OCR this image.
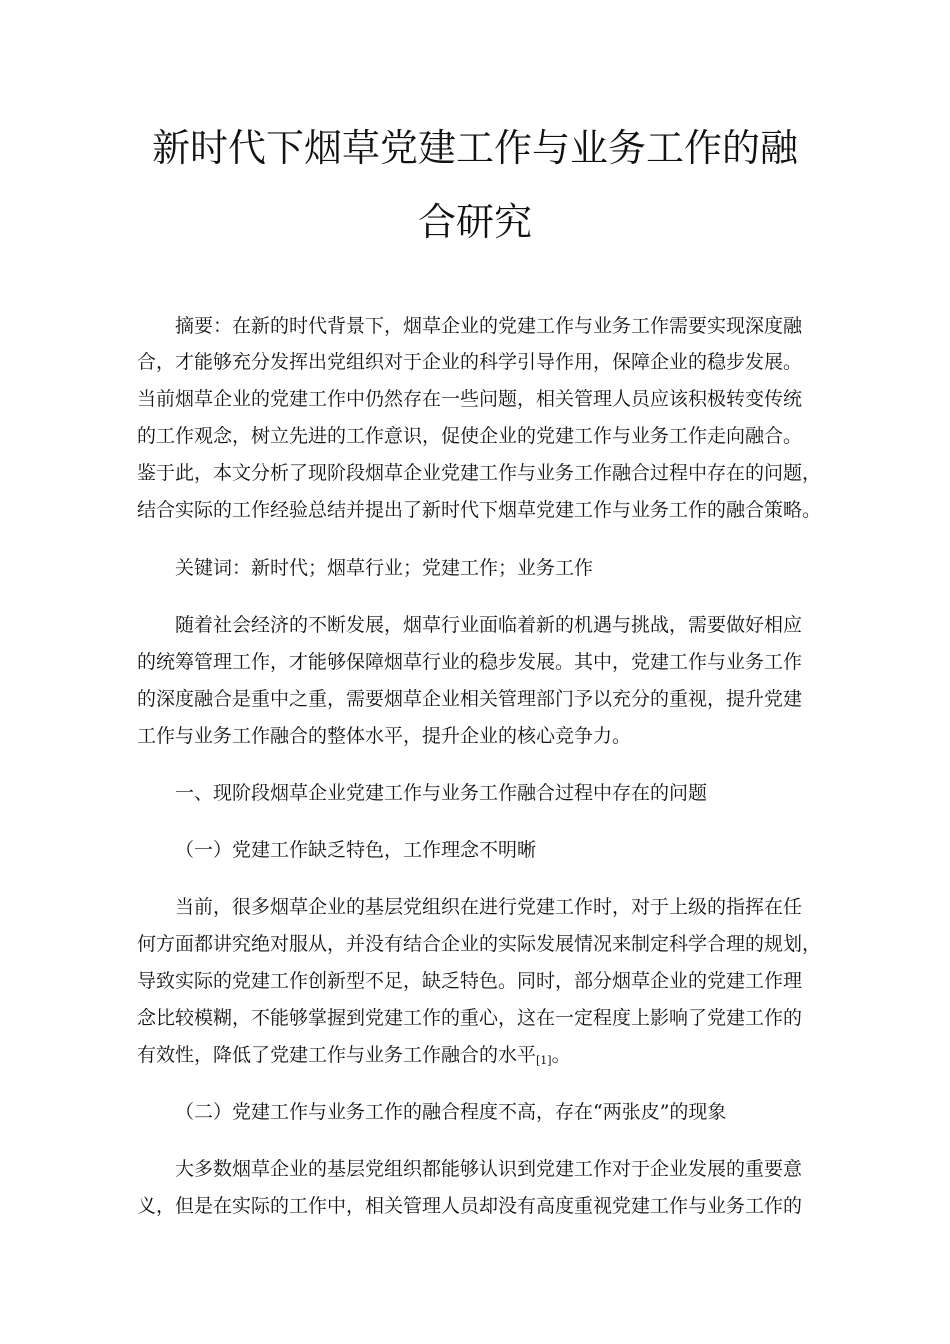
新时代下烟草党建工作与业务工作的融
合研究
摘要：在新的时代背景下，烟草企业的党建工作与业务工作需要实现深度融
合，才能够充分发挥出党组织对于企业的科学引导作用，保障企业的稳步发展。
当前烟草企业的党建工作中仍然存在一些问题，相关管理人员应该积极转变传统
的工作观念，树立先进的工作意识，促使企业的党建工作与业务工作走向融合。
鉴于此，本文分析了现阶段烟草企业党建工作与业务工作融合过程中存在的问题，
结合实际的工作经验总结并提出了新时代下烟草党建工作与业务工作的融合策略。
关键词：新时代；烟草行业；党建工作；业务工作
随着社会经济的不断发展，烟草行业面临着新的机遇与挑战，需要做好相应
的统筹管理工作，才能够保障烟草行业的稳步发展。其中，党建工作与业务工作
的深度融合是重中之重，需要烟草企业相关管理部门予以充分的重视，提升党建
工作与业务工作融合的整体水平，提升企业的核心竞争力。
一、现阶段烟草企业党建工作与业务工作融合过程中存在的问题
（一）党建工作缺乏特色，工作理念不明晰
当前，很多烟草企业的基层党组织在进行党建工作时，对于上级的指挥在任
何方面都讲究绝对服从，并没有结合企业的实际发展情况来制定科学合理的规划，
导致实际的党建工作创新型不足，缺乏特色。同时，部分烟草企业的党建工作理
念比较模糊，不能够掌握到党建工作的重心，这在一定程度上影响了党建工作的
有效性，降低了党建工作与业务工作融合的水平$_{[1]}$。
（二）党建工作与业务工作的融合程度不高，存在“两张皮”的现象
大多数烟草企业的基层党组织都能够认识到党建工作对于企业发展的重要意
义，但是在实际的工作中，相关管理人员却没有高度重视党建工作与业务工作的
